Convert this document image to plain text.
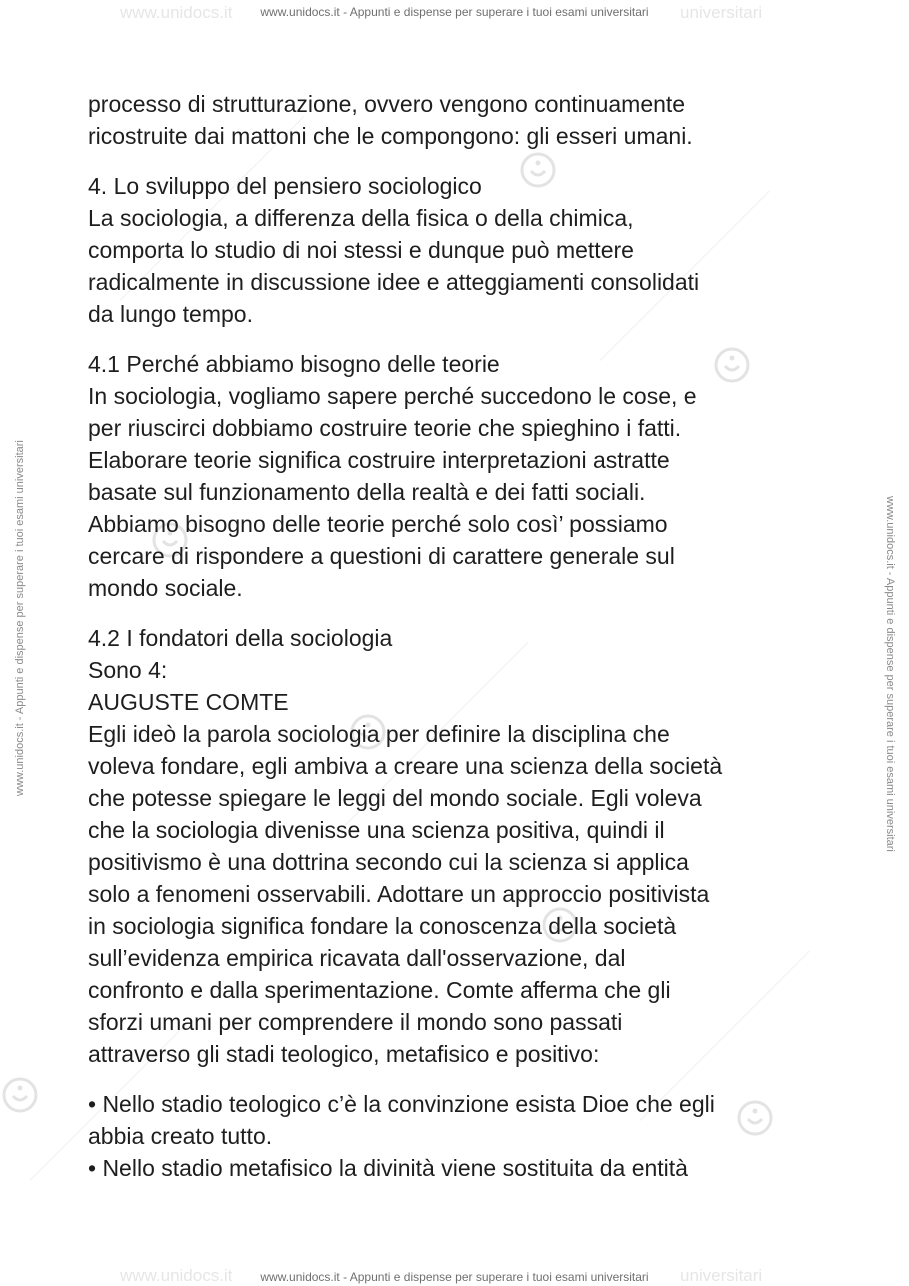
www.unidocs.it - Appunti e dispense per superare i tuoi esami universitari
www.unidocs.it - Appunti e dispense per superare i tuoi esami universitari
www.unidocs.it	universitari
www.unidocs.it	universitari
www.unidocs.it - Appunti e dispense per superare i tuoi esami universitari	www.unidocs.it - Appunti e dispense per superare i tuoi esami universitari

processo di strutturazione, ovvero vengono continuamente

ricostruite dai mattoni che le compongono: gli esseri umani.

4. Lo sviluppo del pensiero sociologico

La sociologia, a differenza della fisica o della chimica,

comporta lo studio di noi stessi e dunque può mettere

radicalmente in discussione idee e atteggiamenti consolidati

da lungo tempo.

4.1 Perché abbiamo bisogno delle teorie

In sociologia, vogliamo sapere perché succedono le cose, e

per riuscirci dobbiamo costruire teorie che spieghino i fatti.

Elaborare teorie significa costruire interpretazioni astratte

basate sul funzionamento della realtà e dei fatti sociali.

Abbiamo bisogno delle teorie perché solo così’ possiamo

cercare di rispondere a questioni di carattere generale sul

mondo sociale.

4.2 I fondatori della sociologia

Sono 4:

AUGUSTE COMTE

Egli ideò la parola sociologia per definire la disciplina che

voleva fondare, egli ambiva a creare una scienza della società

che potesse spiegare le leggi del mondo sociale. Egli voleva

che la sociologia divenisse una scienza positiva, quindi il

positivismo è una dottrina secondo cui la scienza si applica

solo a fenomeni osservabili. Adottare un approccio positivista

in sociologia significa fondare la conoscenza della società

sull’evidenza empirica ricavata dall'osservazione, dal

confronto e dalla sperimentazione. Comte afferma che gli

sforzi umani per comprendere il mondo sono passati

attraverso gli stadi teologico, metafisico e positivo:

• Nello stadio teologico c’è la convinzione esista Dioe che egli

abbia creato tutto.

• Nello stadio metafisico la divinità viene sostituita da entità
